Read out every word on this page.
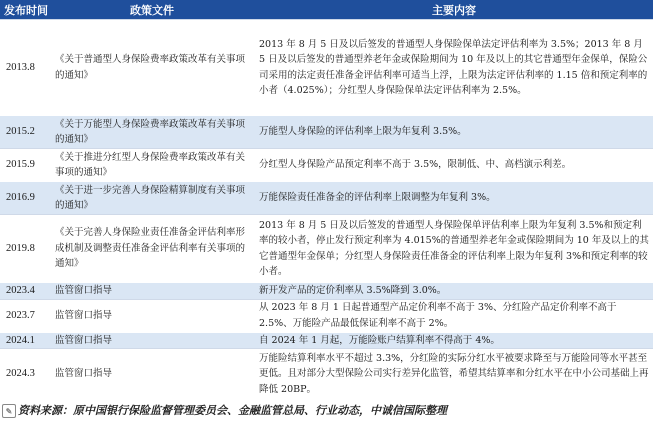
发布时间	政策文件	主要内容
2013.8	《关于普通型人身保险费率政策改革有关事项的通知》	2013 年 8 月 5 日及以后签发的普通型人身保险保单法定评估利率为 3.5%；2013 年 8 月 5 日及以后签发的普通型养老年金或保险期间为 10 年及以上的其它普通型年金保单，保险公司采用的法定责任准备金评估利率可适当上浮，上限为法定评估利率的 1.15 倍和预定利率的小者（4.025%）；分红型人身保险保单法定评估利率为 2.5%。
2015.2	《关于万能型人身保险费率政策改革有关事项的通知》	万能型人身保险的评估利率上限为年复利 3.5%。
2015.9	《关于推进分红型人身保险费率政策改革有关事项的通知》	分红型人身保险产品预定利率不高于 3.5%，限制低、中、高档演示利差。
2016.9	《关于进一步完善人身保险精算制度有关事项的通知》	万能保险责任准备金的评估利率上限调整为年复利 3%。
2019.8	《关于完善人身保险业责任准备金评估利率形成机制及调整责任准备金评估利率有关事项的通知》	2013 年 8 月 5 日及以后签发的普通型人身保险保单评估利率上限为年复利 3.5%和预定利率的较小者，停止发行预定利率为 4.015%的普通型养老年金或保险期间为 10 年及以上的其它普通型年金保单；分红型人身保险责任准备金的评估利率上限为年复利 3%和预定利率的较小者。
2023.4	监管窗口指导	新开发产品的定价利率从 3.5%降到 3.0%。
2023.7	监管窗口指导	从 2023 年 8 月 1 日起普通型产品定价利率不高于 3%、分红险产品定价利率不高于 2.5%、万能险产品最低保证利率不高于 2%。
2024.1	监管窗口指导	自 2024 年 1 月起，万能险账户结算利率不得高于 4%。
2024.3	监管窗口指导	万能险结算利率水平不超过 3.3%，分红险的实际分红水平被要求降至与万能险同等水平甚至更低。且对部分大型保险公司实行差异化监管，希望其结算率和分红水平在中小公司基础上再降低 20BP。
✎ 资料来源：原中国银行保险监督管理委员会、金融监管总局、行业动态，中诚信国际整理
